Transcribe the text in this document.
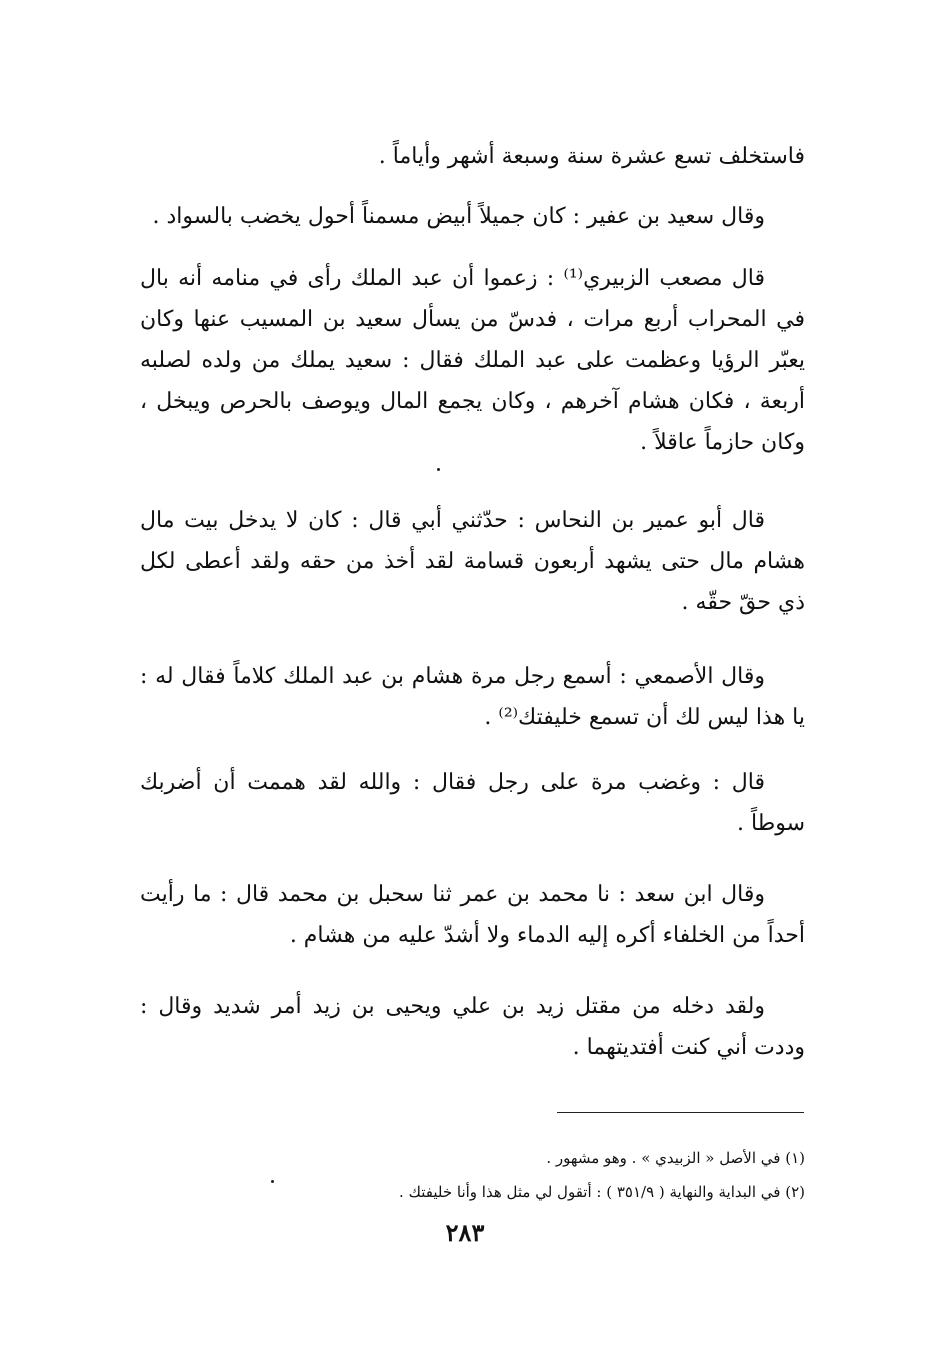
فاستخلف تسع عشرة سنة وسبعة أشهر وأياماً .

وقال سعيد بن عفير : كان جميلاً أبيض مسمناً أحول يخضب بالسواد .

قال مصعب الزبيري⁽¹⁾ : زعموا أن عبد الملك رأى في منامه أنه بال في المحراب أربع مرات ، فدسّ من يسأل سعيد بن المسيب عنها وكان يعبّر الرؤيا وعظمت على عبد الملك فقال : سعيد يملك من ولده لصلبه أربعة ، فكان هشام آخرهم ، وكان يجمع المال ويوصف بالحرص ويبخل ، وكان حازماً عاقلاً .

قال أبو عمير بن النحاس : حدّثني أبي قال : كان لا يدخل بيت مال هشام مال حتى يشهد أربعون قسامة لقد أخذ من حقه ولقد أعطى لكل ذي حقّ حقّه .

وقال الأصمعي : أسمع رجل مرة هشام بن عبد الملك كلاماً فقال له : يا هذا ليس لك أن تسمع خليفتك⁽²⁾ .

قال : وغضب مرة على رجل فقال : والله لقد هممت أن أضربك سوطاً .

وقال ابن سعد : نا محمد بن عمر ثنا سحبل بن محمد قال : ما رأيت أحداً من الخلفاء أكره إليه الدماء ولا أشدّ عليه من هشام .

ولقد دخله من مقتل زيد بن علي ويحيى بن زيد أمر شديد وقال : وددت أني كنت أفتديتهما .

(١) في الأصل « الزبيدي » . وهو مشهور .
(٢) في البداية والنهاية ( ٣٥١/٩ ) : أتقول لي مثل هذا وأنا خليفتك .
٢٨٣
